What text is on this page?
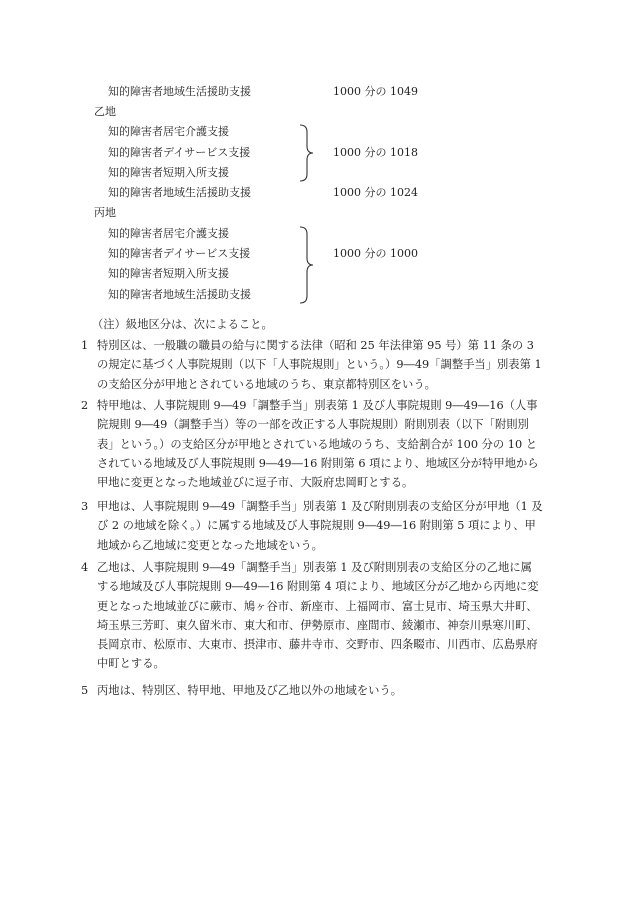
知的障害者地域生活援助支援	1000 分の 1049
乙地
知的障害者居宅介護支援
知的障害者デイサービス支援
知的障害者短期入所支援
1000 分の 1018
知的障害者地域生活援助支援	1000 分の 1024
丙地
知的障害者居宅介護支援
知的障害者デイサービス支援
知的障害者短期入所支援
知的障害者地域生活援助支援
1000 分の 1000
（注）級地区分は、次によること。
1 特別区は、一般職の職員の給与に関する法律（昭和 25 年法律第 95 号）第 11 条の 3 の規定に基づく人事院規則（以下「人事院規則」という。）9―49「調整手当」別表第 1 の支給区分が甲地とされている地域のうち、東京都特別区をいう。
2 特甲地は、人事院規則 9―49「調整手当」別表第 1 及び人事院規則 9―49―16（人事院規則 9―49（調整手当）等の一部を改正する人事院規則）附則別表（以下「附則別表」という。）の支給区分が甲地とされている地域のうち、支給割合が 100 分の 10 とされている地域及び人事院規則 9―49―16 附則第 6 項により、地域区分が特甲地から甲地に変更となった地域並びに逗子市、大阪府忠岡町とする。
3 甲地は、人事院規則 9―49「調整手当」別表第 1 及び附則別表の支給区分が甲地（1 及び 2 の地域を除く。）に属する地域及び人事院規則 9―49―16 附則第 5 項により、甲地域から乙地域に変更となった地域をいう。
4 乙地は、人事院規則 9―49「調整手当」別表第 1 及び附則別表の支給区分の乙地に属する地域及び人事院規則 9―49―16 附則第 4 項により、地域区分が乙地から丙地に変更となった地域並びに蕨市、鳩ヶ谷市、新座市、上福岡市、富士見市、埼玉県大井町、埼玉県三芳町、東久留米市、東大和市、伊勢原市、座間市、綾瀬市、神奈川県寒川町、長岡京市、松原市、大東市、摂津市、藤井寺市、交野市、四条畷市、川西市、広島県府中町とする。
5 丙地は、特別区、特甲地、甲地及び乙地以外の地域をいう。
